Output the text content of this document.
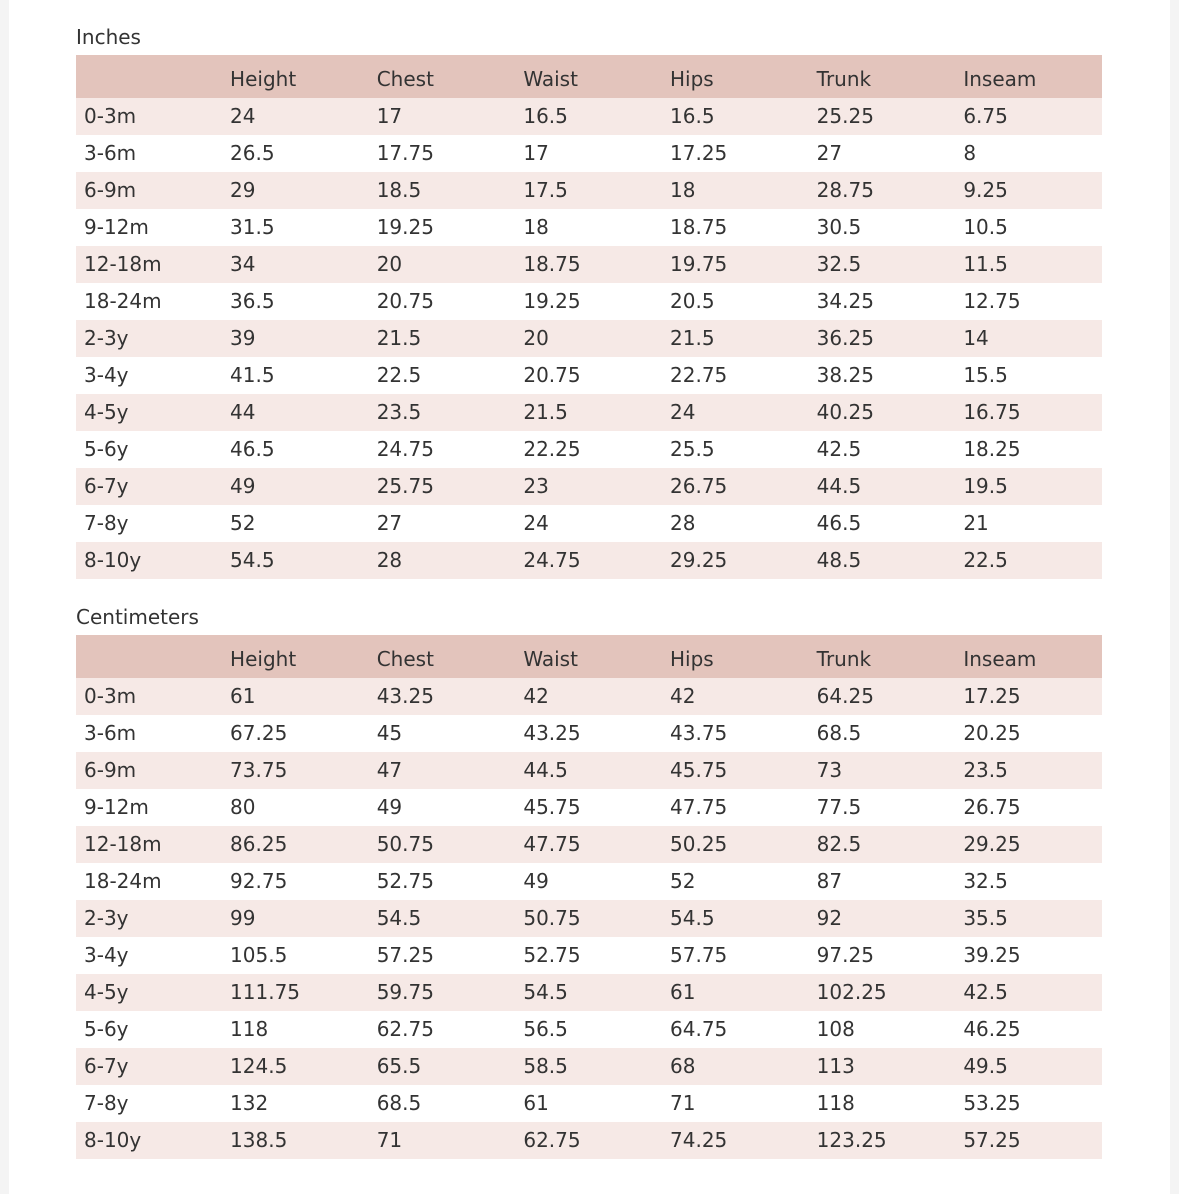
Inches
	Height	Chest	Waist	Hips	Trunk	Inseam
0-3m	24	17	16.5	16.5	25.25	6.75
3-6m	26.5	17.75	17	17.25	27	8
6-9m	29	18.5	17.5	18	28.75	9.25
9-12m	31.5	19.25	18	18.75	30.5	10.5
12-18m	34	20	18.75	19.75	32.5	11.5
18-24m	36.5	20.75	19.25	20.5	34.25	12.75
2-3y	39	21.5	20	21.5	36.25	14
3-4y	41.5	22.5	20.75	22.75	38.25	15.5
4-5y	44	23.5	21.5	24	40.25	16.75
5-6y	46.5	24.75	22.25	25.5	42.5	18.25
6-7y	49	25.75	23	26.75	44.5	19.5
7-8y	52	27	24	28	46.5	21
8-10y	54.5	28	24.75	29.25	48.5	22.5
Centimeters
	Height	Chest	Waist	Hips	Trunk	Inseam
0-3m	61	43.25	42	42	64.25	17.25
3-6m	67.25	45	43.25	43.75	68.5	20.25
6-9m	73.75	47	44.5	45.75	73	23.5
9-12m	80	49	45.75	47.75	77.5	26.75
12-18m	86.25	50.75	47.75	50.25	82.5	29.25
18-24m	92.75	52.75	49	52	87	32.5
2-3y	99	54.5	50.75	54.5	92	35.5
3-4y	105.5	57.25	52.75	57.75	97.25	39.25
4-5y	111.75	59.75	54.5	61	102.25	42.5
5-6y	118	62.75	56.5	64.75	108	46.25
6-7y	124.5	65.5	58.5	68	113	49.5
7-8y	132	68.5	61	71	118	53.25
8-10y	138.5	71	62.75	74.25	123.25	57.25
